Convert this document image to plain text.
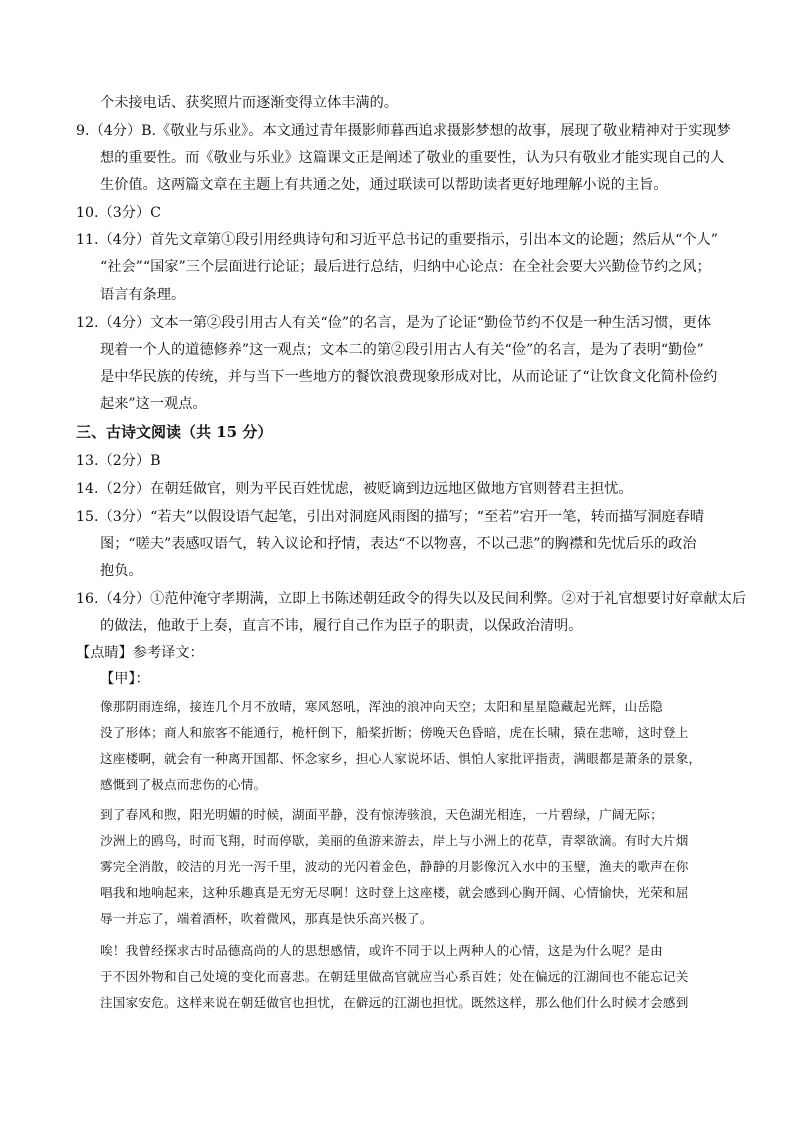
个未接电话、获奖照片而逐渐变得立体丰满的。
9.（4分）B.《敬业与乐业》。本文通过青年摄影师暮西追求摄影梦想的故事，展现了敬业精神对于实现梦
想的重要性。而《敬业与乐业》这篇课文正是阐述了敬业的重要性，认为只有敬业才能实现自己的人
生价值。这两篇文章在主题上有共通之处，通过联读可以帮助读者更好地理解小说的主旨。
10.（3分）C
11.（4分）首先文章第①段引用经典诗句和习近平总书记的重要指示，引出本文的论题；然后从“个人”
“社会”“国家”三个层面进行论证；最后进行总结，归纳中心论点：在全社会要大兴勤俭节约之风；
语言有条理。
12.（4分）文本一第②段引用古人有关“俭”的名言，是为了论证“勤俭节约不仅是一种生活习惯，更体
现着一个人的道德修养”这一观点；文本二的第②段引用古人有关“俭”的名言，是为了表明“勤俭”
是中华民族的传统，并与当下一些地方的餐饮浪费现象形成对比，从而论证了“让饮食文化简朴俭约
起来”这一观点。
三、古诗文阅读（共 15 分）
13.（2分）B
14.（2分）在朝廷做官，则为平民百姓忧虑，被贬谪到边远地区做地方官则替君主担忧。
15.（3分）“若夫”以假设语气起笔，引出对洞庭风雨图的描写；“至若”宕开一笔，转而描写洞庭春晴
图；“嗟夫”表感叹语气，转入议论和抒情，表达“不以物喜，不以己悲”的胸襟和先忧后乐的政治
抱负。
16.（4分）①范仲淹守孝期满，立即上书陈述朝廷政令的得失以及民间利弊。②对于礼官想要讨好章献太后
的做法，他敢于上奏，直言不讳，履行自己作为臣子的职责，以保政治清明。
【点睛】参考译文：
【甲】：
像那阴雨连绵，接连几个月不放晴，寒风怒吼，浑浊的浪冲向天空；太阳和星星隐藏起光辉，山岳隐
没了形体；商人和旅客不能通行，桅杆倒下，船桨折断；傍晚天色昏暗，虎在长啸，猿在悲啼，这时登上
这座楼啊，就会有一种离开国都、怀念家乡，担心人家说坏话、惧怕人家批评指责，满眼都是萧条的景象，
感慨到了极点而悲伤的心情。
到了春风和煦，阳光明媚的时候，湖面平静，没有惊涛骇浪，天色湖光相连，一片碧绿，广阔无际；
沙洲上的鸥鸟，时而飞翔，时而停歇，美丽的鱼游来游去，岸上与小洲上的花草，青翠欲滴。有时大片烟
雾完全消散，皎洁的月光一泻千里，波动的光闪着金色，静静的月影像沉入水中的玉璧，渔夫的歌声在你
唱我和地响起来，这种乐趣真是无穷无尽啊！这时登上这座楼，就会感到心胸开阔、心情愉快，光荣和屈
辱一并忘了，端着酒杯，吹着微风，那真是快乐高兴极了。
唉！我曾经探求古时品德高尚的人的思想感情，或许不同于以上两种人的心情，这是为什么呢？是由
于不因外物和自己处境的变化而喜悲。在朝廷里做高官就应当心系百姓；处在偏远的江湖间也不能忘记关
注国家安危。这样来说在朝廷做官也担忧，在僻远的江湖也担忧。既然这样，那么他们什么时候才会感到
